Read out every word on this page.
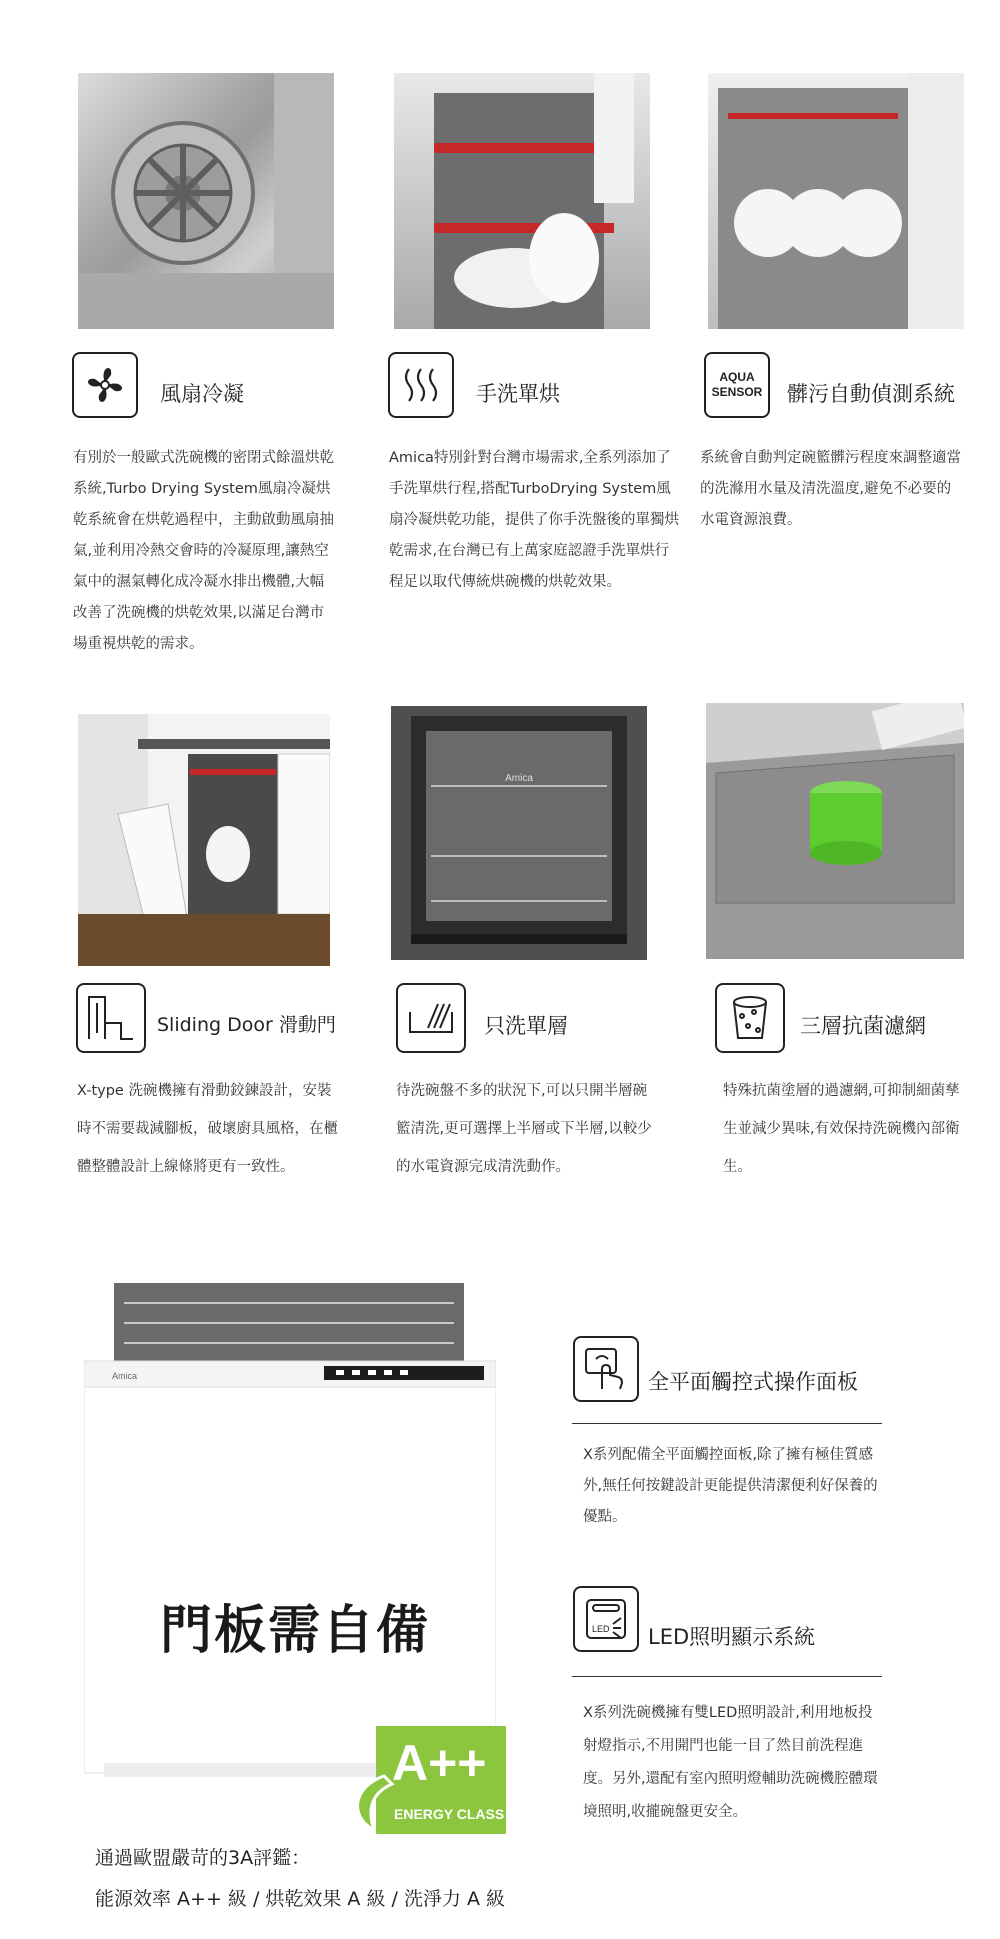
風扇冷凝	手洗單烘
AQUA
SENSOR 髒污自動偵測系統
有別於一般歐式洗碗機的密閉式餘溫烘乾系統,Turbo Drying System風扇冷凝烘乾系統會在烘乾過程中，主動啟動風扇抽氣,並利用冷熱交會時的冷凝原理,讓熱空氣中的濕氣轉化成冷凝水排出機體,大幅改善了洗碗機的烘乾效果,以滿足台灣市場重視烘乾的需求。
Amica特別針對台灣市場需求,全系列添加了手洗單烘行程,搭配TurboDrying System風扇冷凝烘乾功能，提供了你手洗盤後的單獨烘乾需求,在台灣已有上萬家庭認證手洗單烘行程足以取代傳統烘碗機的烘乾效果。
系統會自動判定碗籃髒污程度來調整適當的洗滌用水量及清洗溫度,避免不必要的水電資源浪費。
Amica
Sliding Door 滑動門	只洗單層	三層抗菌濾網
X-type 洗碗機擁有滑動鉸鍊設計，安裝時不需要裁減腳板，破壞廚具風格，在櫃體整體設計上線條將更有一致性。
待洗碗盤不多的狀況下,可以只開半層碗籃清洗,更可選擇上半層或下半層,以較少的水電資源完成清洗動作。
特殊抗菌塗層的過濾網,可抑制細菌孳生並減少異味,有效保持洗碗機內部衛生。
Amica
門板需自備
A++
ENERGY CLASS
通過歐盟嚴苛的3A評鑑：
能源效率 A++ 級 / 烘乾效果 A 級 / 洗淨力 A 級
全平面觸控式操作面板
X系列配備全平面觸控面板,除了擁有極佳質感外,無任何按鍵設計更能提供清潔便利好保養的優點。
LED LED照明顯示系統
X系列洗碗機擁有雙LED照明設計,利用地板投射燈指示,不用開門也能一目了然目前洗程進度。另外,還配有室內照明燈輔助洗碗機腔體環境照明,收攏碗盤更安全。
